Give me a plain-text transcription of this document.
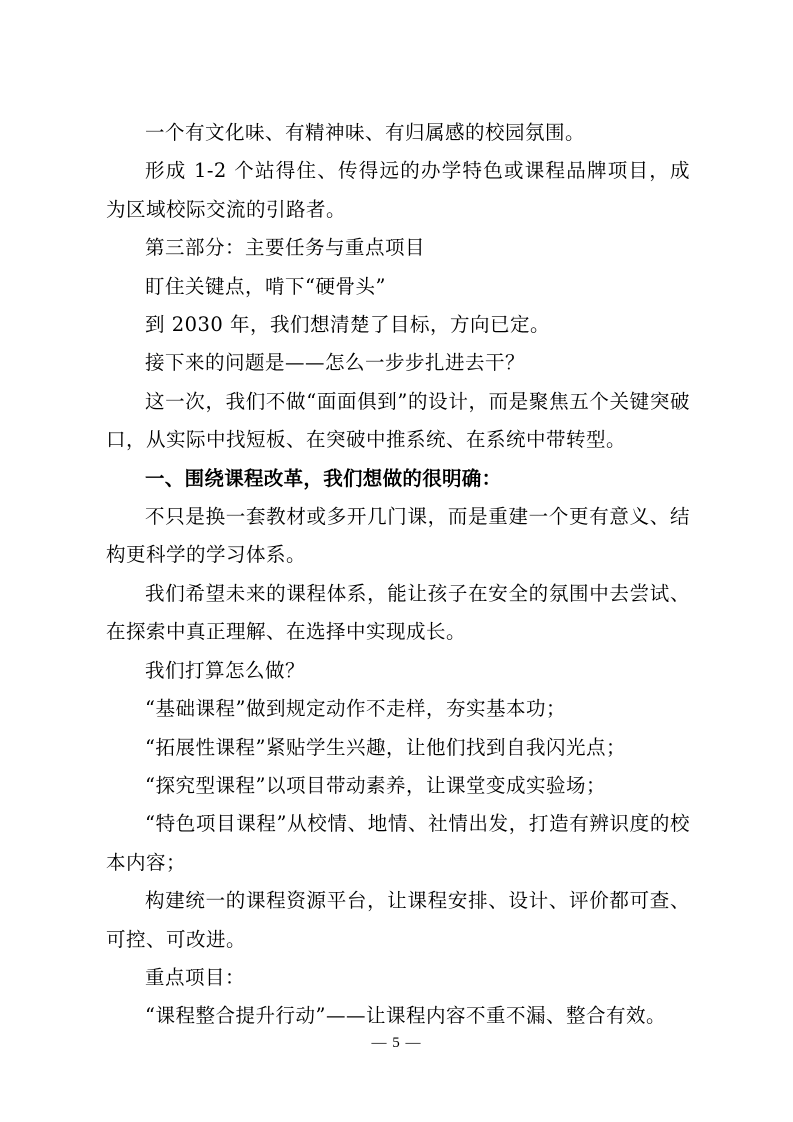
一个有文化味、有精神味、有归属感的校园氛围。

形成 1-2 个站得住、传得远的办学特色或课程品牌项目，成为区域校际交流的引路者。

第三部分：主要任务与重点项目

盯住关键点，啃下“硬骨头”

到 2030 年，我们想清楚了目标，方向已定。

接下来的问题是——怎么一步步扎进去干？

这一次，我们不做“面面俱到”的设计，而是聚焦五个关键突破口，从实际中找短板、在突破中推系统、在系统中带转型。

一、围绕课程改革，我们想做的很明确：

不只是换一套教材或多开几门课，而是重建一个更有意义、结构更科学的学习体系。

我们希望未来的课程体系，能让孩子在安全的氛围中去尝试、在探索中真正理解、在选择中实现成长。

我们打算怎么做？

“基础课程”做到规定动作不走样，夯实基本功；

“拓展性课程”紧贴学生兴趣，让他们找到自我闪光点；

“探究型课程”以项目带动素养，让课堂变成实验场；

“特色项目课程”从校情、地情、社情出发，打造有辨识度的校本内容；

构建统一的课程资源平台，让课程安排、设计、评价都可查、可控、可改进。

重点项目：

“课程整合提升行动”——让课程内容不重不漏、整合有效。

— 5 —
